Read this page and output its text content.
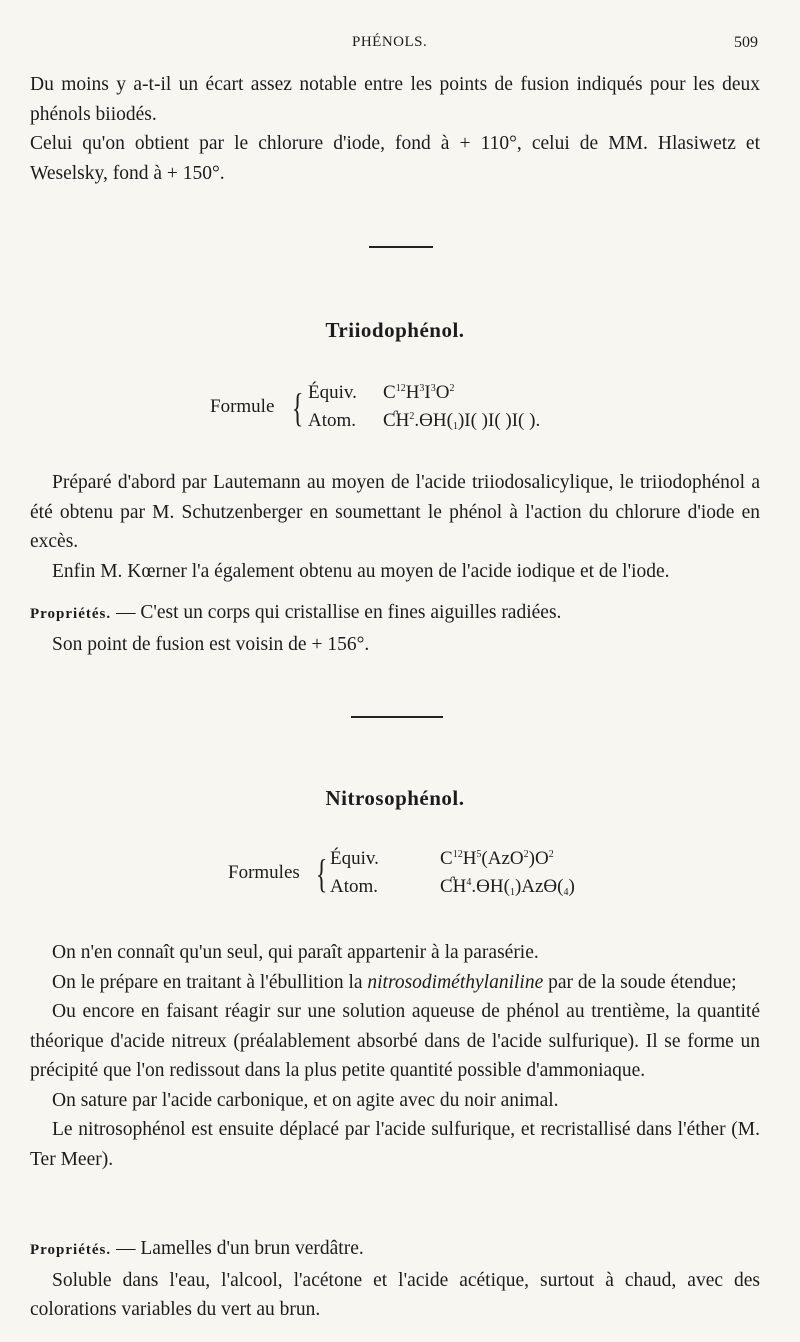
PHÉNOLS.	509

Du moins y a-t-il un écart assez notable entre les points de fusion indiqués pour les deux phénols biiodés.

Celui qu'on obtient par le chlorure d'iode, fond à + 110°, celui de MM. Hlasiwetz et Weselsky, fond à + 150°.

Triiodophénol.
Formule { Équiv. $C^{12}H^3I^3O^2$
Atom. $ƇH^2.ƟH(_1)I$( )I( )I( ).

Préparé d'abord par Lautemann au moyen de l'acide triiodosalicylique, le triiodophénol a été obtenu par M. Schutzenberger en soumettant le phénol à l'action du chlorure d'iode en excès.

Enfin M. Kœrner l'a également obtenu au moyen de l'acide iodique et de l'iode.

Propriétés. — C'est un corps qui cristallise en fines aiguilles radiées.

Son point de fusion est voisin de + 156°.

Nitrosophénol.
Formules { Équiv.	$C^{12}H^5(AzO^2)O^2$
Atom.	$ƇH^4.ƟH(_1)AzƟ(_4)$

On n'en connaît qu'un seul, qui paraît appartenir à la parasérie.

On le prépare en traitant à l'ébullition la nitrosodiméthylaniline par de la soude étendue;

Ou encore en faisant réagir sur une solution aqueuse de phénol au trentième, la quantité théorique d'acide nitreux (préalablement absorbé dans de l'acide sulfurique). Il se forme un précipité que l'on redissout dans la plus petite quantité possible d'ammoniaque.

On sature par l'acide carbonique, et on agite avec du noir animal.

Le nitrosophénol est ensuite déplacé par l'acide sulfurique, et recristallisé dans l'éther (M. Ter Meer).

Propriétés. — Lamelles d'un brun verdâtre.

Soluble dans l'eau, l'alcool, l'acétone et l'acide acétique, surtout à chaud, avec des colorations variables du vert au brun.
